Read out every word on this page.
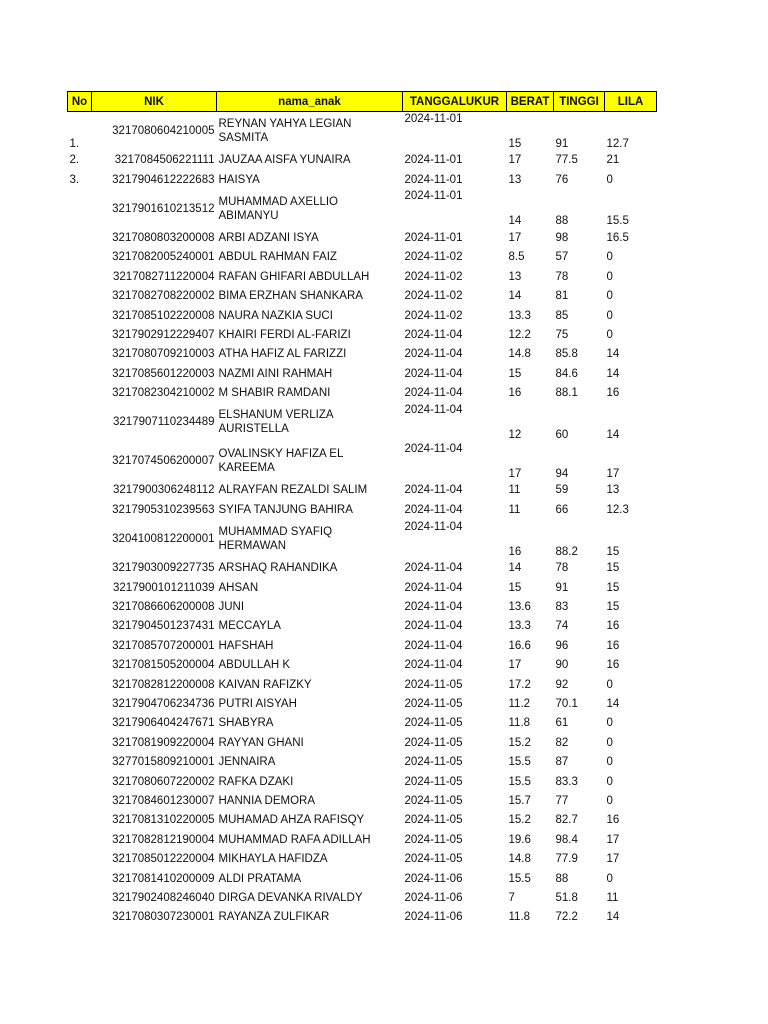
No	NIK	nama_anak	TANGGALUKUR	BERAT	TINGGI	LILA
1.	3217080604210005	REYNAN YAHYA LEGIAN SASMITA	2024-11-01	15	91	12.7
2.	3217084506221111	JAUZAA AISFA YUNAIRA	2024-11-01	17	77.5	21
3.	3217904612222683	HAISYA	2024-11-01	13	76	0
	3217901610213512	MUHAMMAD AXELLIO ABIMANYU	2024-11-01	14	88	15.5
	3217080803200008	ARBI ADZANI ISYA	2024-11-01	17	98	16.5
	3217082005240001	ABDUL RAHMAN FAIZ	2024-11-02	8.5	57	0
	3217082711220004	RAFAN GHIFARI ABDULLAH	2024-11-02	13	78	0
	3217082708220002	BIMA ERZHAN SHANKARA	2024-11-02	14	81	0
	3217085102220008	NAURA NAZKIA SUCI	2024-11-02	13.3	85	0
	3217902912229407	KHAIRI FERDI AL-FARIZI	2024-11-04	12.2	75	0
	3217080709210003	ATHA HAFIZ AL FARIZZI	2024-11-04	14.8	85.8	14
	3217085601220003	NAZMI AINI RAHMAH	2024-11-04	15	84.6	14
	3217082304210002	M SHABIR RAMDANI	2024-11-04	16	88.1	16
	3217907110234489	ELSHANUM VERLIZA AURISTELLA	2024-11-04	12	60	14
	3217074506200007	OVALINSKY HAFIZA EL KAREEMA	2024-11-04	17	94	17
	3217900306248112	ALRAYFAN REZALDI SALIM	2024-11-04	11	59	13
	3217905310239563	SYIFA TANJUNG BAHIRA	2024-11-04	11	66	12.3
	3204100812200001	MUHAMMAD SYAFIQ HERMAWAN	2024-11-04	16	88.2	15
	3217903009227735	ARSHAQ RAHANDIKA	2024-11-04	14	78	15
	3217900101211039	AHSAN	2024-11-04	15	91	15
	3217086606200008	JUNI	2024-11-04	13.6	83	15
	3217904501237431	MECCAYLA	2024-11-04	13.3	74	16
	3217085707200001	HAFSHAH	2024-11-04	16.6	96	16
	3217081505200004	ABDULLAH K	2024-11-04	17	90	16
	3217082812200008	KAIVAN RAFIZKY	2024-11-05	17.2	92	0
	3217904706234736	PUTRI AISYAH	2024-11-05	11.2	70.1	14
	3217906404247671	SHABYRA	2024-11-05	11.8	61	0
	3217081909220004	RAYYAN GHANI	2024-11-05	15.2	82	0
	3277015809210001	JENNAIRA	2024-11-05	15.5	87	0
	3217080607220002	RAFKA DZAKI	2024-11-05	15.5	83.3	0
	3217084601230007	HANNIA DEMORA	2024-11-05	15.7	77	0
	3217081310220005	MUHAMAD AHZA RAFISQY	2024-11-05	15.2	82.7	16
	3217082812190004	MUHAMMAD RAFA ADILLAH	2024-11-05	19.6	98.4	17
	3217085012220004	MIKHAYLA HAFIDZA	2024-11-05	14.8	77.9	17
	3217081410200009	ALDI PRATAMA	2024-11-06	15.5	88	0
	3217902408246040	DIRGA DEVANKA RIVALDY	2024-11-06	7	51.8	11
	3217080307230001	RAYANZA ZULFIKAR	2024-11-06	11.8	72.2	14
